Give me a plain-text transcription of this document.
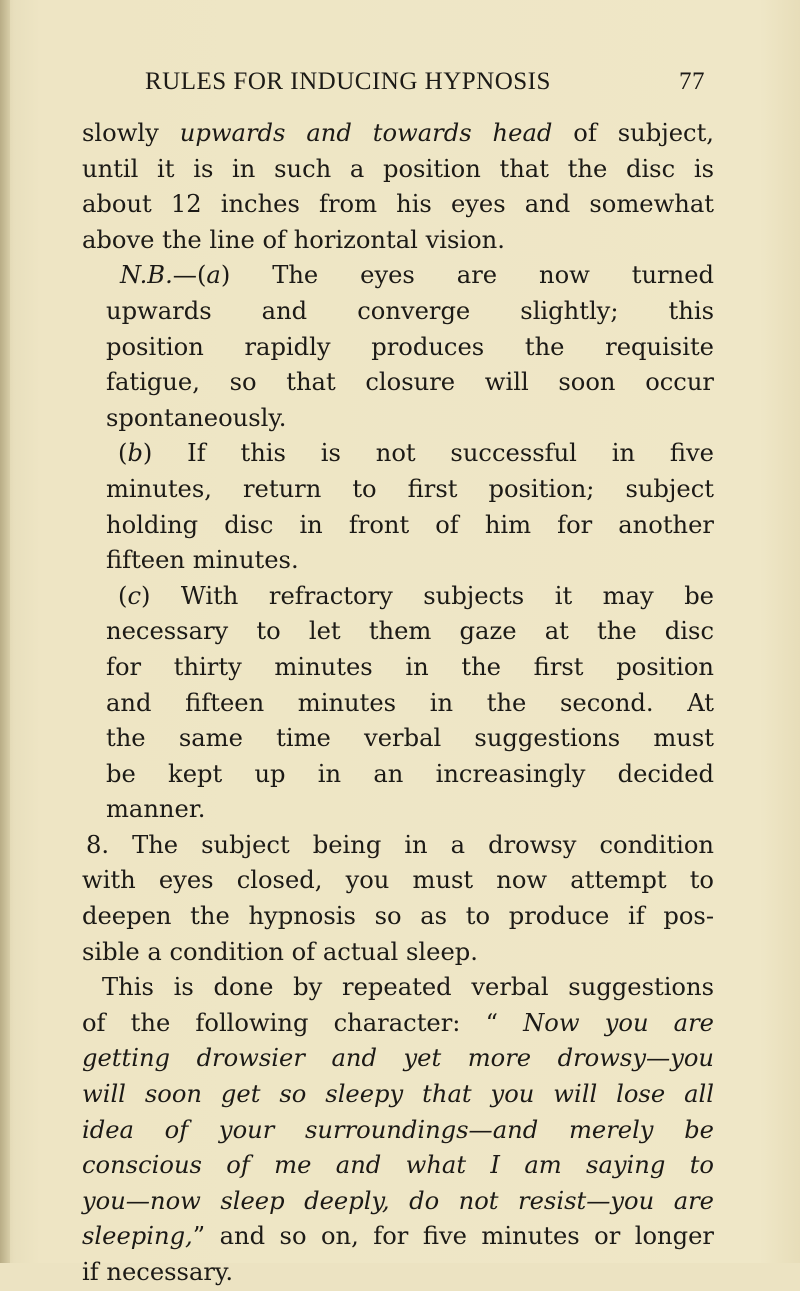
RULES FOR INDUCING HYPNOSIS	77
slowly upwards and towards head of subject,
until it is in such a position that the disc is
about 12 inches from his eyes and somewhat
above the line of horizontal vision.
N.B.—(a) The eyes are now turned
upwards and converge slightly; this
position rapidly produces the requisite
fatigue, so that closure will soon occur
spontaneously.
(b) If this is not successful in five
minutes, return to first position; subject
holding disc in front of him for another
fifteen minutes.
(c) With refractory subjects it may be
necessary to let them gaze at the disc
for thirty minutes in the first position
and fifteen minutes in the second. At
the same time verbal suggestions must
be kept up in an increasingly decided
manner.
8. The subject being in a drowsy condition
with eyes closed, you must now attempt to
deepen the hypnosis so as to produce if pos-
sible a condition of actual sleep.
This is done by repeated verbal suggestions
of the following character: “ Now you are
getting drowsier and yet more drowsy—you
will soon get so sleepy that you will lose all
idea of your surroundings—and merely be
conscious of me and what I am saying to
you—now sleep deeply, do not resist—you are
sleeping,” and so on, for five minutes or longer
if necessary.
